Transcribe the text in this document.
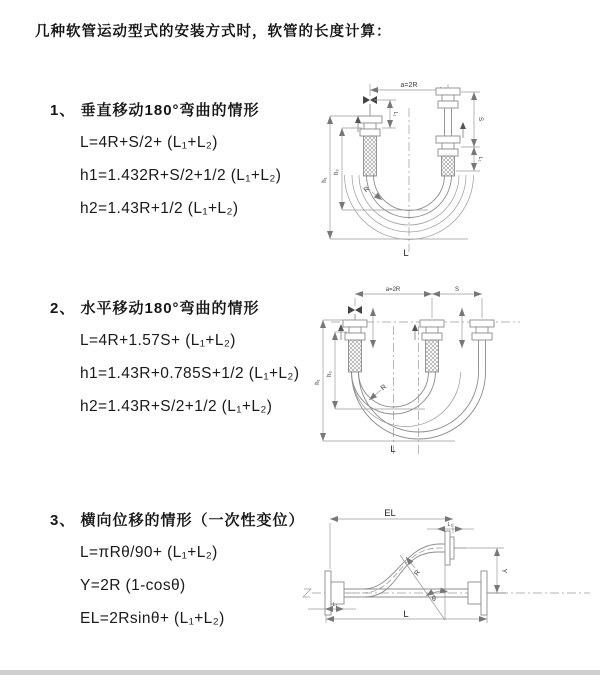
几种软管运动型式的安装方式时，软管的长度计算：
1、 垂直移动180°弯曲的情形
L=4R+S/2+ (L₁+L₂)
h1=1.432R+S/2+1/2 (L₁+L₂)
h2=1.43R+1/2 (L₁+L₂)
2、 水平移动180°弯曲的情形
L=4R+1.57S+ (L₁+L₂)
h1=1.43R+0.785S+1/2 (L₁+L₂)
h2=1.43R+S/2+1/2 (L₁+L₂)
3、 横向位移的情形（一次性变位）
L=πRθ/90+ (L₁+L₂)
Y=2R (1-cosθ)
EL=2Rsinθ+ (L₁+L₂)
a=2R
L₁
S
L₁
h₁
h₂
R
L
a=2R	S
h₁
h₂
R
L
EL
L₁
Y
θ
R
L₁
L
